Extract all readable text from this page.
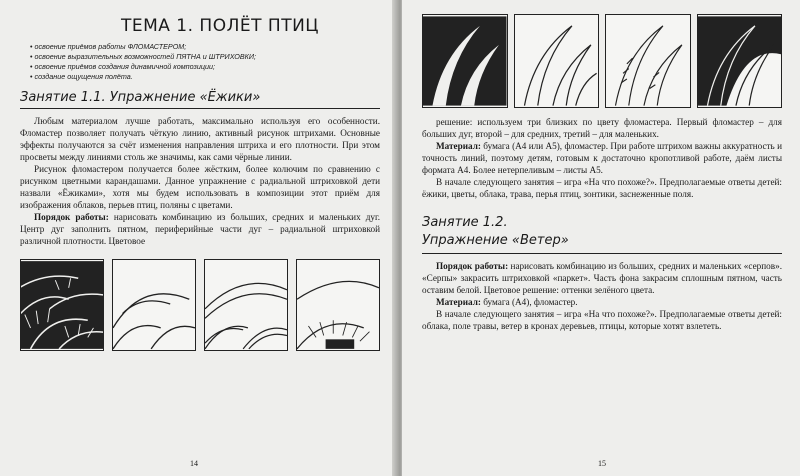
ТЕМА 1. ПОЛЁТ ПТИЦ
• освоение приёмов работы ФЛОМАСТЕРОМ;
• освоение выразительных возможностей ПЯТНА и ШТРИХОВКИ;
• освоение приёмов создания динамичной композиции;
• создание ощущения полёта.
Занятие 1.1. Упражнение «Ёжики»

Любым материалом лучше работать, максимально используя его особенности. Фломастер позволяет получать чёткую линию, активный рисунок штрихами. Основные эффекты получаются за счёт изменения направления штриха и его плотности. При этом просветы между линиями столь же значимы, как сами чёрные линии.

Рисунок фломастером получается более жёстким, более колючим по сравнению с рисунком цветными карандашами. Данное упражнение с радиальной штриховкой дети назвали «Ёжиками», хотя мы будем использовать в композиции этот приём для изображения облаков, перьев птиц, поляны с цветами.

Порядок работы: нарисовать комбинацию из больших, средних и маленьких дуг. Центр дуг заполнить пятном, периферийные части дуг – радиальной штриховкой различной плотности. Цветовое

14

решение: используем три близких по цвету фломастера. Первый фломастер – для больших дуг, второй – для средних, третий – для маленьких.

Материал: бумага (А4 или А5), фломастер. При работе штрихом важны аккуратность и точность линий, поэтому детям, готовым к достаточно кропотливой работе, даём листы формата А4. Более нетерпеливым – листы А5.

В начале следующего занятия – игра «На что похоже?». Предполагаемые ответы детей: ёжики, цветы, облака, трава, перья птиц, зонтики, заснеженные поля.

Занятие 1.2.
Упражнение «Ветер»

Порядок работы: нарисовать комбинацию из больших, средних и маленьких «серпов». «Серпы» закрасить штриховкой «паркет». Часть фона закрасим сплошным пятном, часть оставим белой. Цветовое решение: оттенки зелёного цвета.

Материал: бумага (А4), фломастер.

В начале следующего занятия – игра «На что похоже?». Предполагаемые ответы детей: облака, поле травы, ветер в кронах деревьев, птицы, которые хотят взлететь.

15
